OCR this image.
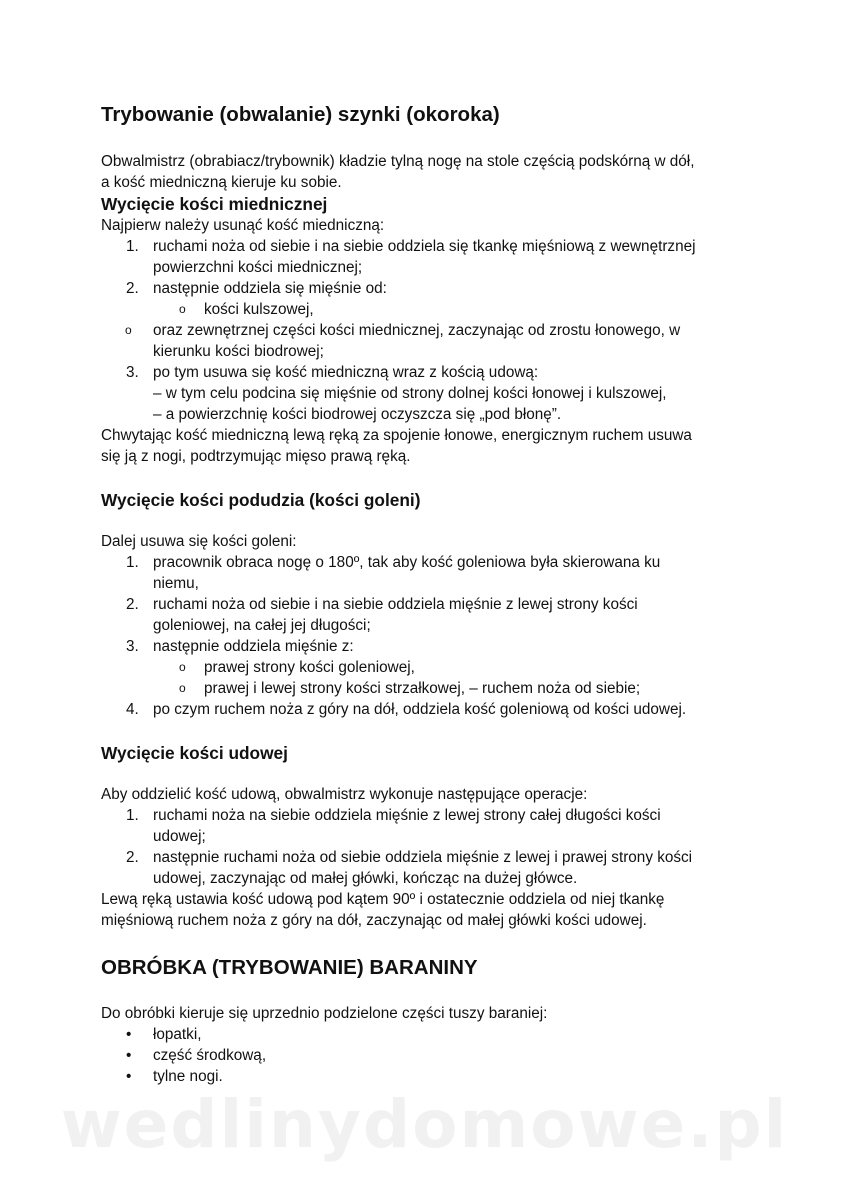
Trybowanie (obwalanie) szynki (okoroka)

Obwalmistrz (obrabiacz/trybownik) kładzie tylną nogę na stole częścią podskórną w dół,
a kość miedniczną kieruje ku sobie.

Wycięcie kości miednicznej

Najpierw należy usunąć kość miedniczną:

1. ruchami noża od siebie i na siebie oddziela się tkankę mięśniową z wewnętrznej
powierzchni kości miednicznej;
2. następnie oddziela się mięśnie od:
o kości kulszowej,
o oraz zewnętrznej części kości miednicznej, zaczynając od zrostu łonowego, w
kierunku kości biodrowej;
3. po tym usuwa się kość miedniczną wraz z kością udową:

– w tym celu podcina się mięśnie od strony dolnej kości łonowej i kulszowej,

– a powierzchnię kości biodrowej oczyszcza się „pod błonę”.

Chwytając kość miedniczną lewą ręką za spojenie łonowe, energicznym ruchem usuwa
się ją z nogi, podtrzymując mięso prawą ręką.

Wycięcie kości podudzia (kości goleni)

Dalej usuwa się kości goleni:

1. pracownik obraca nogę o 180º, tak aby kość goleniowa była skierowana ku
niemu,
2. ruchami noża od siebie i na siebie oddziela mięśnie z lewej strony kości
goleniowej, na całej jej długości;
3. następnie oddziela mięśnie z:
o prawej strony kości goleniowej,
o prawej i lewej strony kości strzałkowej, – ruchem noża od siebie;
4. po czym ruchem noża z góry na dół, oddziela kość goleniową od kości udowej.
Wycięcie kości udowej

Aby oddzielić kość udową, obwalmistrz wykonuje następujące operacje:

1. ruchami noża na siebie oddziela mięśnie z lewej strony całej długości kości
udowej;
2. następnie ruchami noża od siebie oddziela mięśnie z lewej i prawej strony kości
udowej, zaczynając od małej główki, kończąc na dużej główce.

Lewą ręką ustawia kość udową pod kątem 90º i ostatecznie oddziela od niej tkankę
mięśniową ruchem noża z góry na dół, zaczynając od małej główki kości udowej.

OBRÓBKA (TRYBOWANIE) BARANINY

Do obróbki kieruje się uprzednio podzielone części tuszy baraniej:

• łopatki,
• część środkową,
• tylne nogi.
wedlinydomowe.pl
